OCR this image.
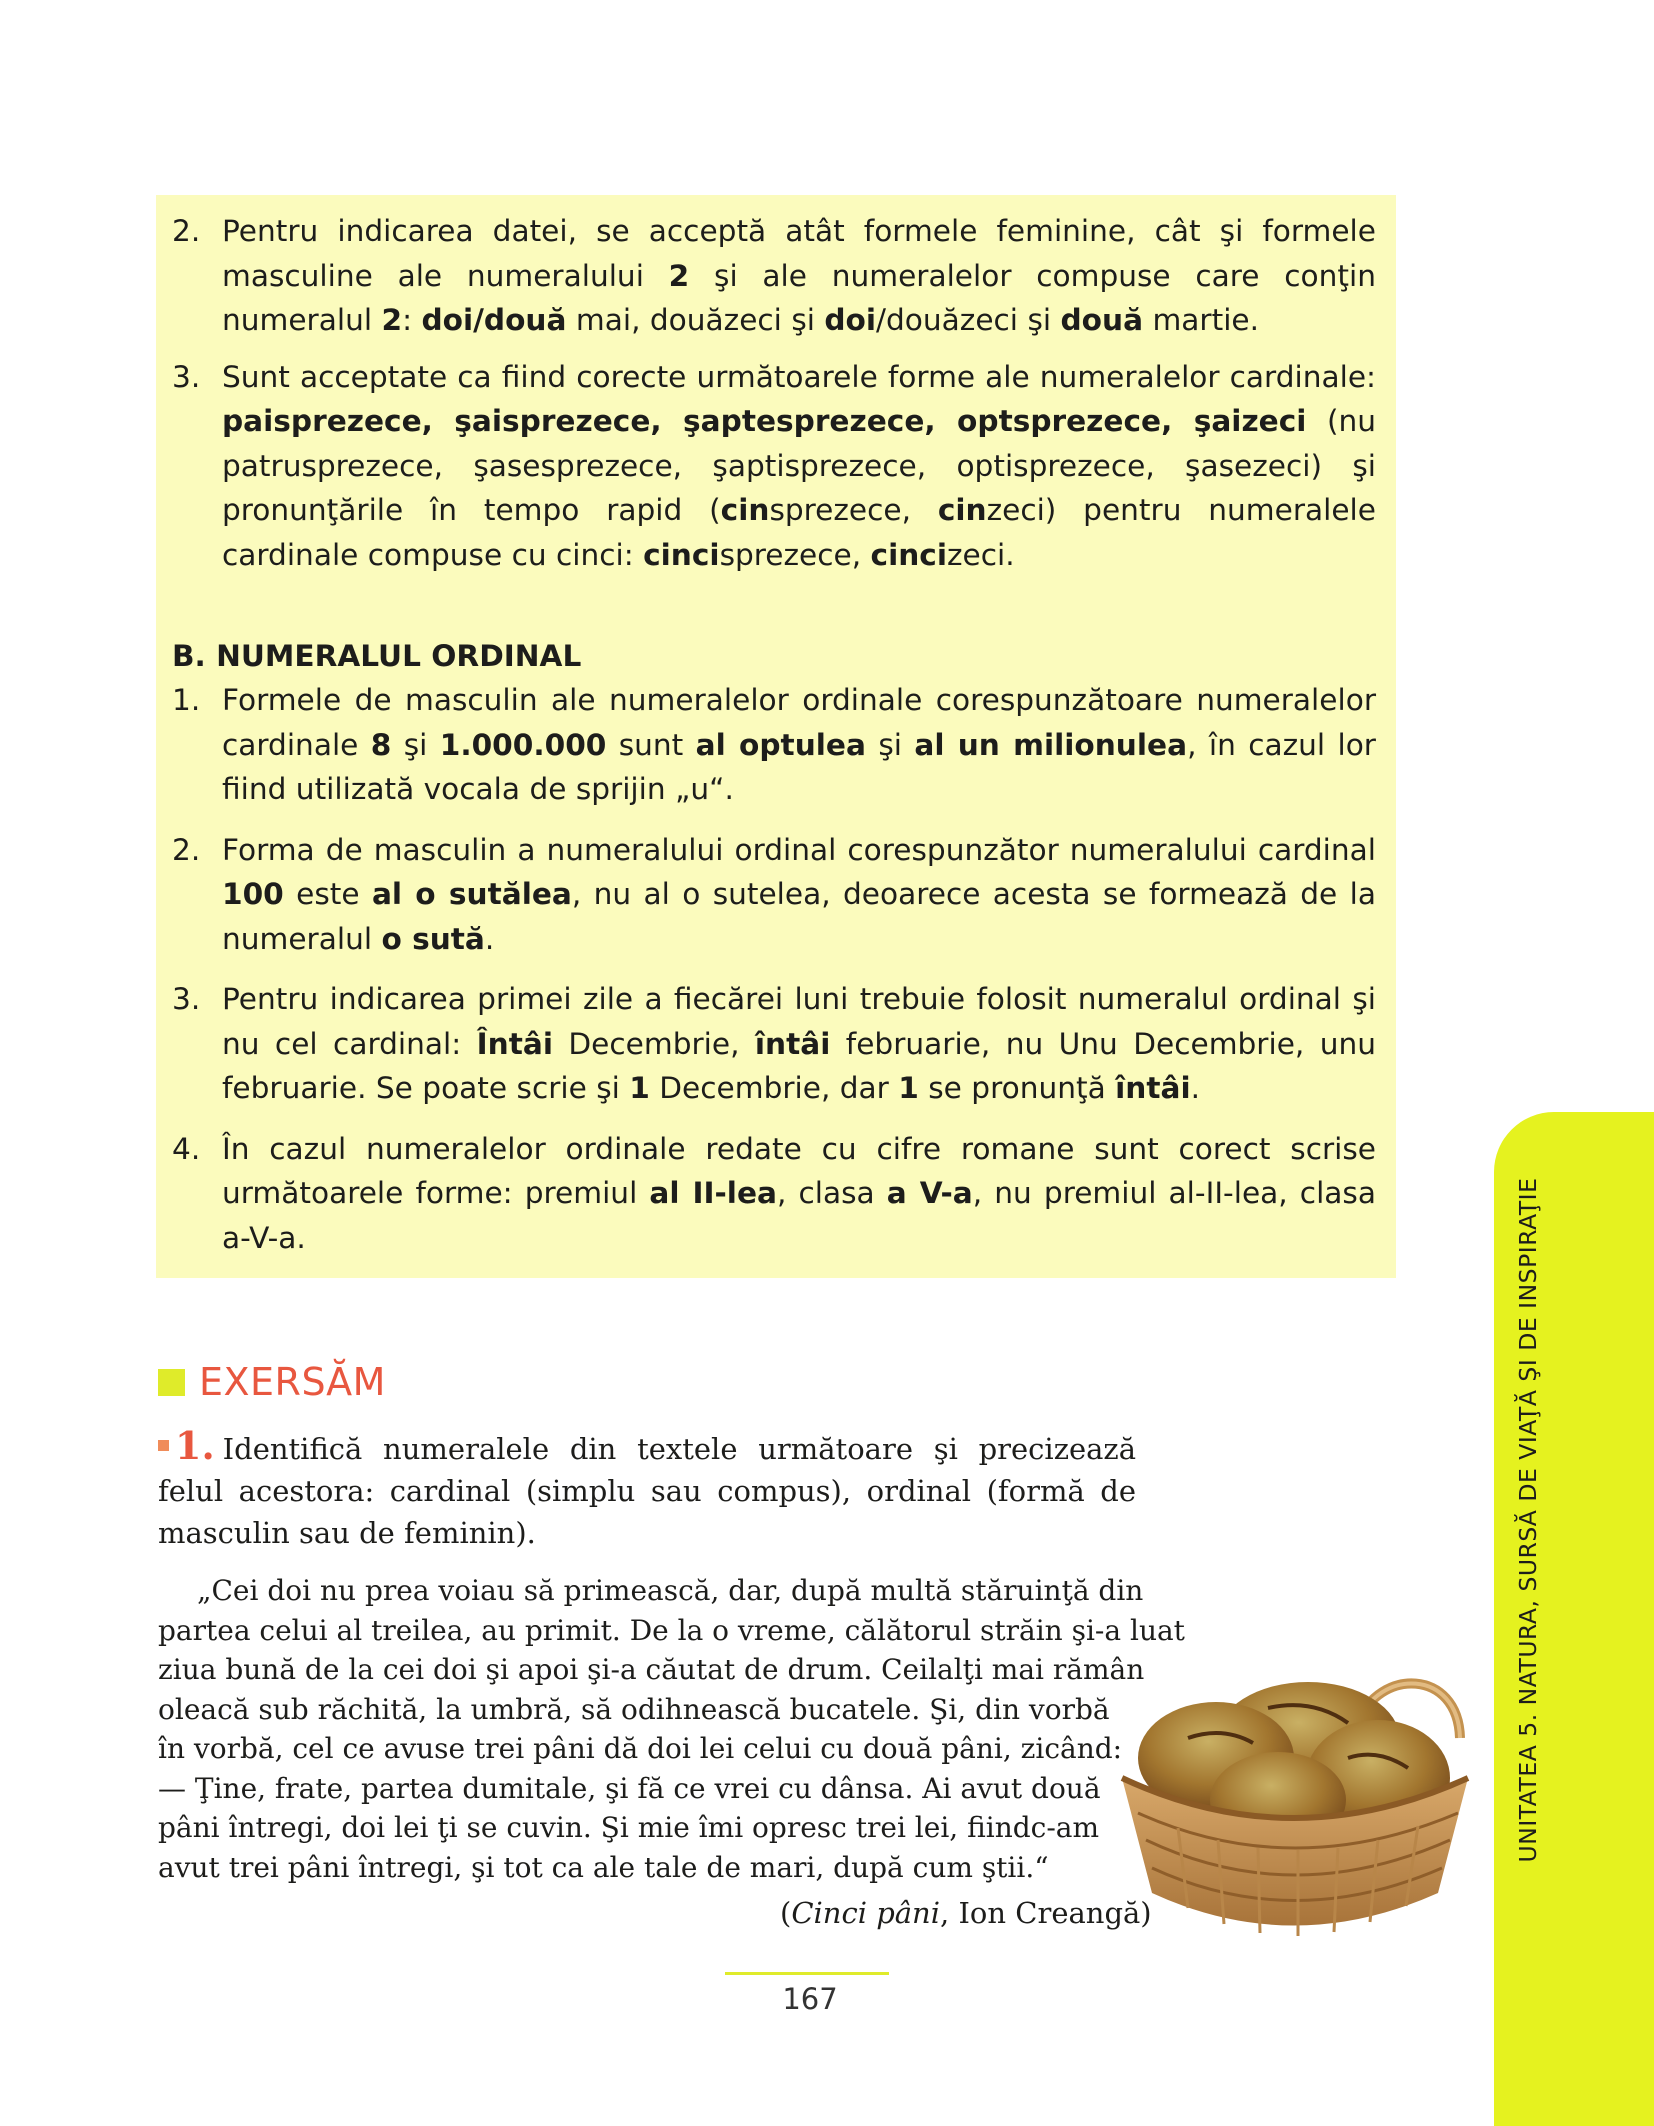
2. Pentru indicarea datei, se acceptă atât formele feminine, cât şi formele masculine ale numeralului 2 şi ale numeralelor compuse care conţin numeralul 2: doi/două mai, douăzeci şi doi/douăzeci şi două martie.
3. Sunt acceptate ca fiind corecte următoarele forme ale numeralelor cardinale: paisprezece, şaisprezece, şaptesprezece, optsprezece, şaizeci (nu patrusprezece, şasesprezece, şaptisprezece, optisprezece, şasezeci) şi pronunţările în tempo rapid (cinsprezece, cinzeci) pentru numeralele cardinale compuse cu cinci: cincisprezece, cincizeci.
B. NUMERALUL ORDINAL
1. Formele de masculin ale numeralelor ordinale corespunzătoare numeralelor cardinale 8 şi 1.000.000 sunt al optulea şi al un milionulea, în cazul lor fiind utilizată vocala de sprijin „u“.
2. Forma de masculin a numeralului ordinal corespunzător numeralului cardinal 100 este al o sutălea, nu al o sutelea, deoarece acesta se formează de la numeralul o sută.
3. Pentru indicarea primei zile a fiecărei luni trebuie folosit numeralul ordinal şi nu cel cardinal: Întâi Decembrie, întâi februarie, nu Unu Decembrie, unu februarie. Se poate scrie şi 1 Decembrie, dar 1 se pronunţă întâi.
4. În cazul numeralelor ordinale redate cu cifre romane sunt corect scrise următoarele forme: premiul al II-lea, clasa a V-a, nu premiul al-II-lea, clasa a-V-a.
EXERSĂM
1. Identifică numeralele din textele următoare şi precizează felul acestora: cardinal (simplu sau compus), ordinal (formă de masculin sau de feminin).
„Cei doi nu prea voiau să primească, dar, după multă stăruinţă din
partea celui al treilea, au primit. De la o vreme, călătorul străin şi-a luat
ziua bună de la cei doi şi apoi şi-a căutat de drum. Ceilalţi mai rămân
oleacă sub răchită, la umbră, să odihnească bucatele. Şi, din vorbă
în vorbă, cel ce avuse trei pâni dă doi lei celui cu două pâni, zicând:
— Ţine, frate, partea dumitale, şi fă ce vrei cu dânsa. Ai avut două
pâni întregi, doi lei ţi se cuvin. Şi mie îmi opresc trei lei, fiindc-am
avut trei pâni întregi, şi tot ca ale tale de mari, după cum ştii.“
(Cinci pâni, Ion Creangă)
167
UNITATEA 5. NATURA, SURSĂ DE VIAŢĂ ŞI DE INSPIRAŢIE
